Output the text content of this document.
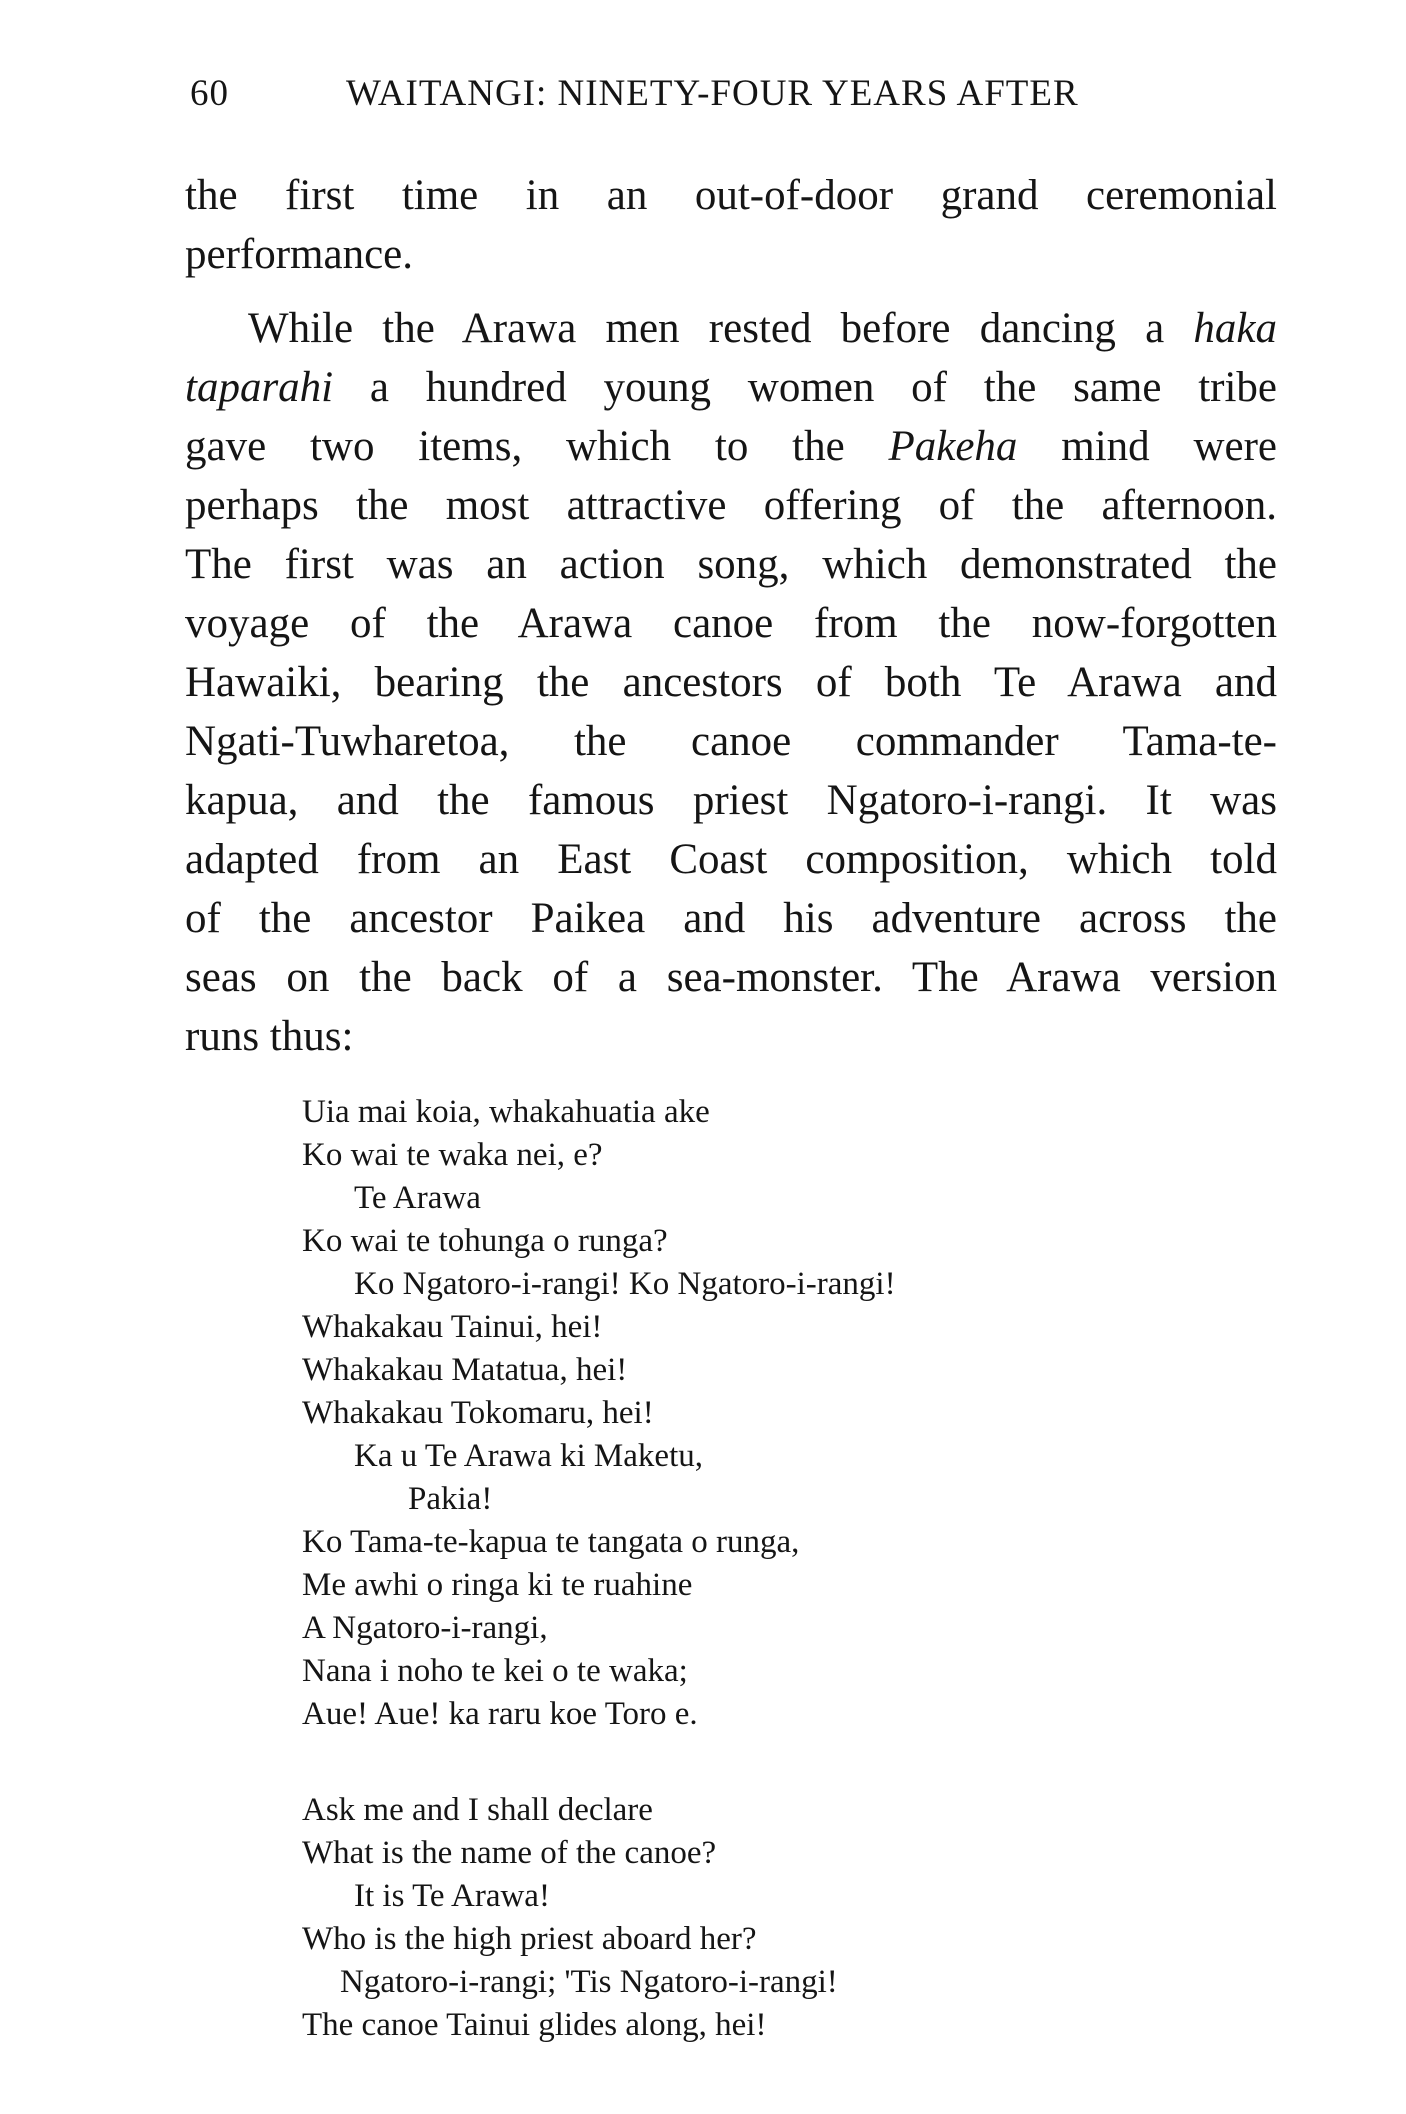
60	WAITANGI: NINETY-FOUR YEARS AFTER
the first time in an out-of-door grand ceremonial
performance.
While the Arawa men rested before dancing a haka
taparahi a hundred young women of the same tribe
gave two items, which to the Pakeha mind were
perhaps the most attractive offering of the afternoon.
The first was an action song, which demonstrated the
voyage of the Arawa canoe from the now-forgotten
Hawaiki, bearing the ancestors of both Te Arawa and
Ngati-Tuwharetoa, the canoe commander Tama-te-
kapua, and the famous priest Ngatoro-i-rangi. It was
adapted from an East Coast composition, which told
of the ancestor Paikea and his adventure across the
seas on the back of a sea-monster. The Arawa version
runs thus:
Uia mai koia, whakahuatia ake
Ko wai te waka nei, e?
Te Arawa
Ko wai te tohunga o runga?
Ko Ngatoro-i-rangi! Ko Ngatoro-i-rangi!
Whakakau Tainui, hei!
Whakakau Matatua, hei!
Whakakau Tokomaru, hei!
Ka u Te Arawa ki Maketu,
Pakia!
Ko Tama-te-kapua te tangata o runga,
Me awhi o ringa ki te ruahine
A Ngatoro-i-rangi,
Nana i noho te kei o te waka;
Aue! Aue! ka raru koe Toro e.
Ask me and I shall declare
What is the name of the canoe?
It is Te Arawa!
Who is the high priest aboard her?
Ngatoro-i-rangi; 'Tis Ngatoro-i-rangi!
The canoe Tainui glides along, hei!
